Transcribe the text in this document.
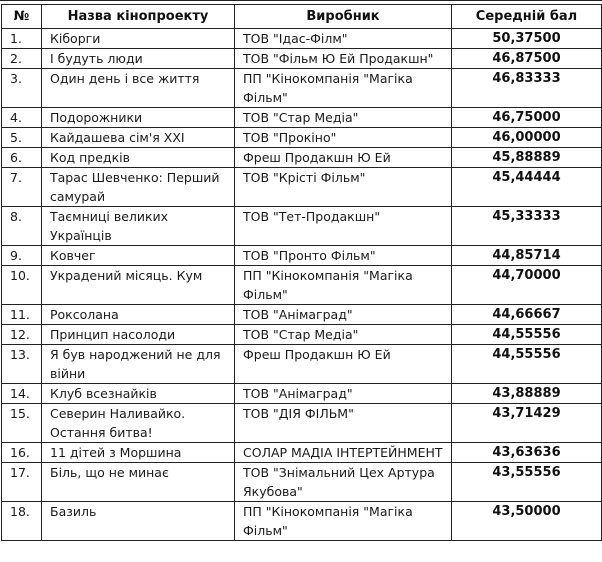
№	Назва кінопроекту	Виробник	Середній бал
1.	Кіборги	ТОВ "Ідас-Філм"	50,37500
2.	І будуть люди	ТОВ "Фільм Ю Ей Продакшн"	46,87500
3.	Один день і все життя	ПП "Кінокомпанія "Магіка Фільм"	46,83333
4.	Подорожники	ТОВ "Стар Медіа"	46,75000
5.	Кайдашева сім'я XXI	ТОВ "Прокіно"	46,00000
6.	Код предків	Фреш Продакшн Ю Ей	45,88889
7.	Тарас Шевченко: Перший самурай	ТОВ "Крісті Фільм"	45,44444
8.	Таємниці великих Українців	ТОВ "Тет-Продакшн"	45,33333
9.	Ковчег	ТОВ "Пронто Фільм"	44,85714
10.	Украдений місяць. Кум	ПП "Кінокомпанія "Магіка Фільм"	44,70000
11.	Роксолана	ТОВ "Анімаград"	44,66667
12.	Принцип насолоди	ТОВ "Стар Медіа"	44,55556
13.	Я був народжений не для війни	Фреш Продакшн Ю Ей	44,55556
14.	Клуб всезнайків	ТОВ "Анімаград"	43,88889
15.	Северин Наливайко. Остання битва!	ТОВ "ДІЯ ФІЛЬМ"	43,71429
16.	11 дітей з Моршина	СОЛАР МАДІА ІНТЕРТЕЙНМЕНТ	43,63636
17.	Біль, що не минає	ТОВ "Знімальний Цех Артура Якубова"	43,55556
18.	Базиль	ПП "Кінокомпанія "Магіка Фільм"	43,50000
